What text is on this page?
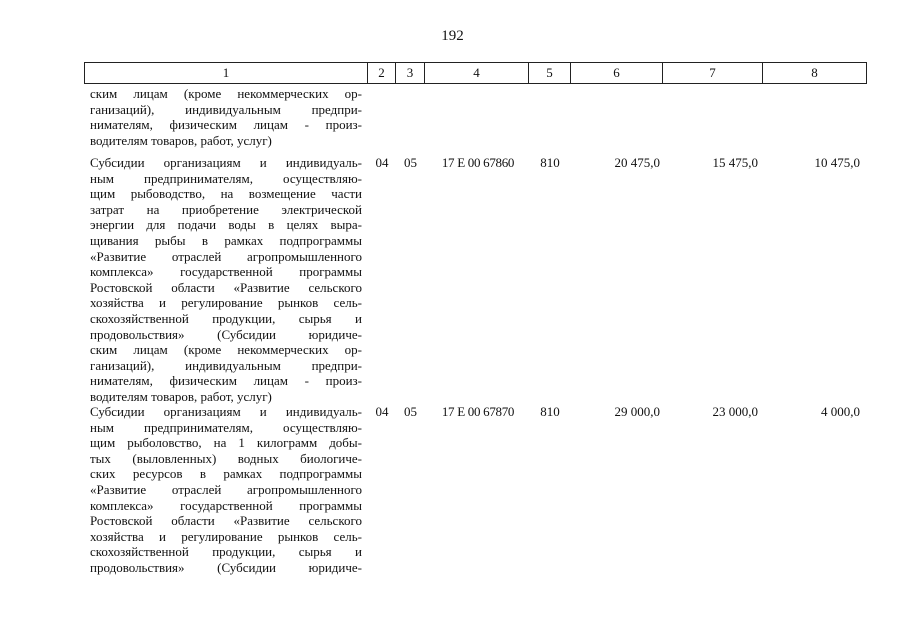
192
1	2	3	4	5	6	7	8
ским лицам (кроме некоммерческих ор-
ганизаций), индивидуальным предпри-
нимателям, физическим лицам - произ-
водителям товаров, работ, услуг)
Субсидии организациям и индивидуаль-
ным предпринимателям, осуществляю-
щим рыбоводство, на возмещение части
затрат на приобретение электрической
энергии для подачи воды в целях выра-
щивания рыбы в рамках подпрограммы
«Развитие отраслей агропромышленного
комплекса» государственной программы
Ростовской области «Развитие сельского
хозяйства и регулирование рынков сель-
скохозяйственной продукции, сырья и
продовольствия» (Субсидии юридиче-
ским лицам (кроме некоммерческих ор-
ганизаций), индивидуальным предпри-
нимателям, физическим лицам - произ-
водителям товаров, работ, услуг)
04	05	17 Е 00 67860	810	20 475,0	15 475,0	10 475,0
Субсидии организациям и индивидуаль-
ным предпринимателям, осуществляю-
щим рыболовство, на 1 килограмм добы-
тых (выловленных) водных биологиче-
ских ресурсов в рамках подпрограммы
«Развитие отраслей агропромышленного
комплекса» государственной программы
Ростовской области «Развитие сельского
хозяйства и регулирование рынков сель-
скохозяйственной продукции, сырья и
продовольствия» (Субсидии юридиче-
04	05	17 Е 00 67870	810	29 000,0	23 000,0	4 000,0
